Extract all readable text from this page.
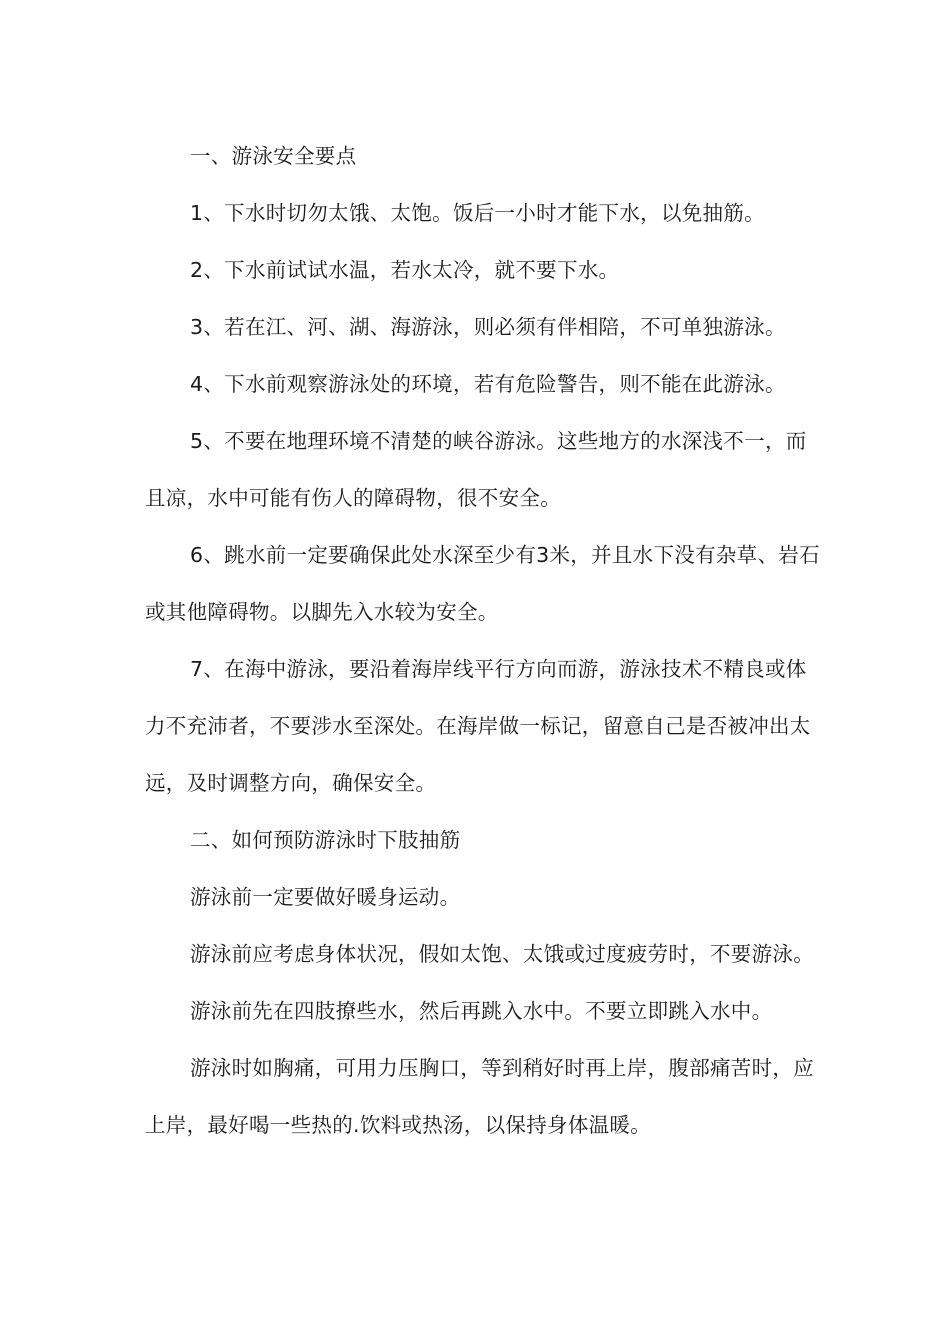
一、游泳安全要点

1、下水时切勿太饿、太饱。饭后一小时才能下水，以免抽筋。

2、下水前试试水温，若水太冷，就不要下水。

3、若在江、河、湖、海游泳，则必须有伴相陪，不可单独游泳。

4、下水前观察游泳处的环境，若有危险警告，则不能在此游泳。

5、不要在地理环境不清楚的峡谷游泳。这些地方的水深浅不一，而且凉，水中可能有伤人的障碍物，很不安全。

6、跳水前一定要确保此处水深至少有3米，并且水下没有杂草、岩石或其他障碍物。以脚先入水较为安全。

7、在海中游泳，要沿着海岸线平行方向而游，游泳技术不精良或体力不充沛者，不要涉水至深处。在海岸做一标记，留意自己是否被冲出太远，及时调整方向，确保安全。

二、如何预防游泳时下肢抽筋

游泳前一定要做好暖身运动。

游泳前应考虑身体状况，假如太饱、太饿或过度疲劳时，不要游泳。

游泳前先在四肢撩些水，然后再跳入水中。不要立即跳入水中。

游泳时如胸痛，可用力压胸口，等到稍好时再上岸，腹部痛苦时，应上岸，最好喝一些热的.饮料或热汤，以保持身体温暖。
